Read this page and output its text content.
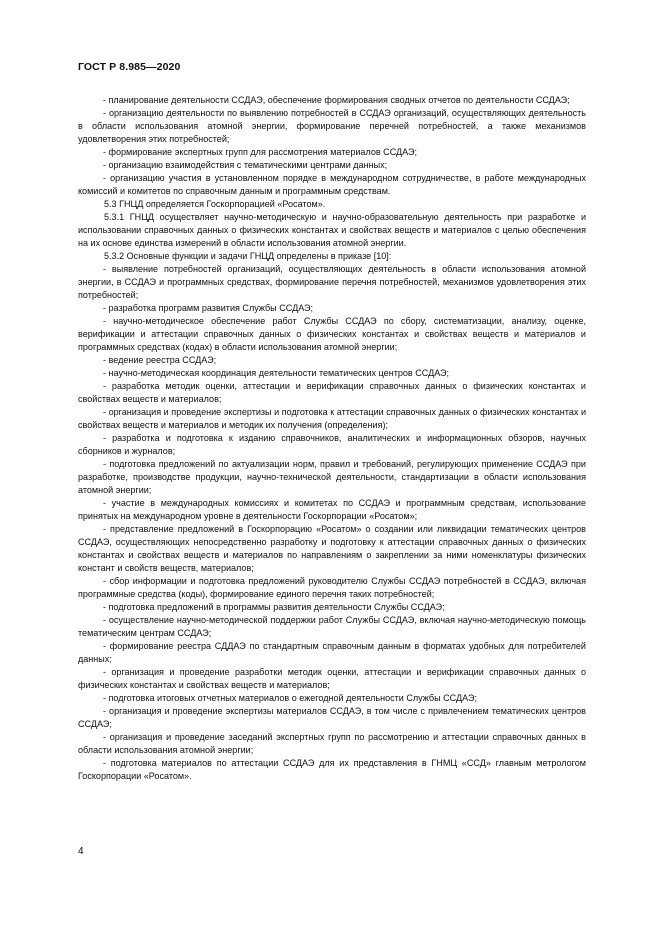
ГОСТ Р 8.985—2020

- планирование деятельности ССДАЭ, обеспечение формирования сводных отчетов по деятельности ССДАЭ;

- организацию деятельности по выявлению потребностей в ССДАЭ организаций, осуществляющих деятельность в области использования атомной энергии, формирование перечней потребностей, а также механизмов удовлетворения этих потребностей;

- формирование экспертных групп для рассмотрения материалов ССДАЭ;

- организацию взаимодействия с тематическими центрами данных;

- организацию участия в установленном порядке в международном сотрудничестве, в работе международных комиссий и комитетов по справочным данным и программным средствам.

5.3 ГНЦД определяется Госкорпорацией «Росатом».

5.3.1 ГНЦД осуществляет научно-методическую и научно-образовательную деятельность при разработке и использовании справочных данных о физических константах и свойствах веществ и материалов с целью обеспечения на их основе единства измерений в области использования атомной энергии.

5.3.2 Основные функции и задачи ГНЦД определены в приказе [10]:

- выявление потребностей организаций, осуществляющих деятельность в области использования атомной энергии, в ССДАЭ и программных средствах, формирование перечня потребностей, механизмов удовлетворения этих потребностей;

- разработка программ развития Службы ССДАЭ;

- научно-методическое обеспечение работ Службы ССДАЭ по сбору, систематизации, анализу, оценке, верификации и аттестации справочных данных о физических константах и свойствах веществ и материалов и программных средствах (кодах) в области использования атомной энергии;

- ведение реестра ССДАЭ;

- научно-методическая координация деятельности тематических центров ССДАЭ;

- разработка методик оценки, аттестации и верификации справочных данных о физических константах и свойствах веществ и материалов;

- организация и проведение экспертизы и подготовка к аттестации справочных данных о физических константах и свойствах веществ и материалов и методик их получения (определения);

- разработка и подготовка к изданию справочников, аналитических и информационных обзоров, научных сборников и журналов;

- подготовка предложений по актуализации норм, правил и требований, регулирующих применение ССДАЭ при разработке, производстве продукции, научно-технической деятельности, стандартизации в области использования атомной энергии;

- участие в международных комиссиях и комитетах по ССДАЭ и программным средствам, использование принятых на международном уровне в деятельности Госкорпорации «Росатом»;

- представление предложений в Госкорпорацию «Росатом» о создании или ликвидации тематических центров ССДАЭ, осуществляющих непосредственно разработку и подготовку к аттестации справочных данных о физических константах и свойствах веществ и материалов по направлениям о закреплении за ними номенклатуры физических констант и свойств веществ, материалов;

- сбор информации и подготовка предложений руководителю Службы ССДАЭ потребностей в ССДАЭ, включая программные средства (коды), формирование единого перечня таких потребностей;

- подготовка предложений в программы развития деятельности Службы ССДАЭ;

- осуществление научно-методической поддержки работ Службы ССДАЭ, включая научно-методическую помощь тематическим центрам ССДАЭ;

- формирование реестра СДДАЭ по стандартным справочным данным в форматах удобных для потребителей данных;

- организация и проведение разработки методик оценки, аттестации и верификации справочных данных о физических константах и свойствах веществ и материалов;

- подготовка итоговых отчетных материалов о ежегодной деятельности Службы ССДАЭ;

- организация и проведение экспертизы материалов ССДАЭ, в том числе с привлечением тематических центров ССДАЭ;

- организация и проведение заседаний экспертных групп по рассмотрению и аттестации справочных данных в области использования атомной энергии;

- подготовка материалов по аттестации ССДАЭ для их представления в ГНМЦ «ССД» главным метрологом Госкорпорации «Росатом».

4
